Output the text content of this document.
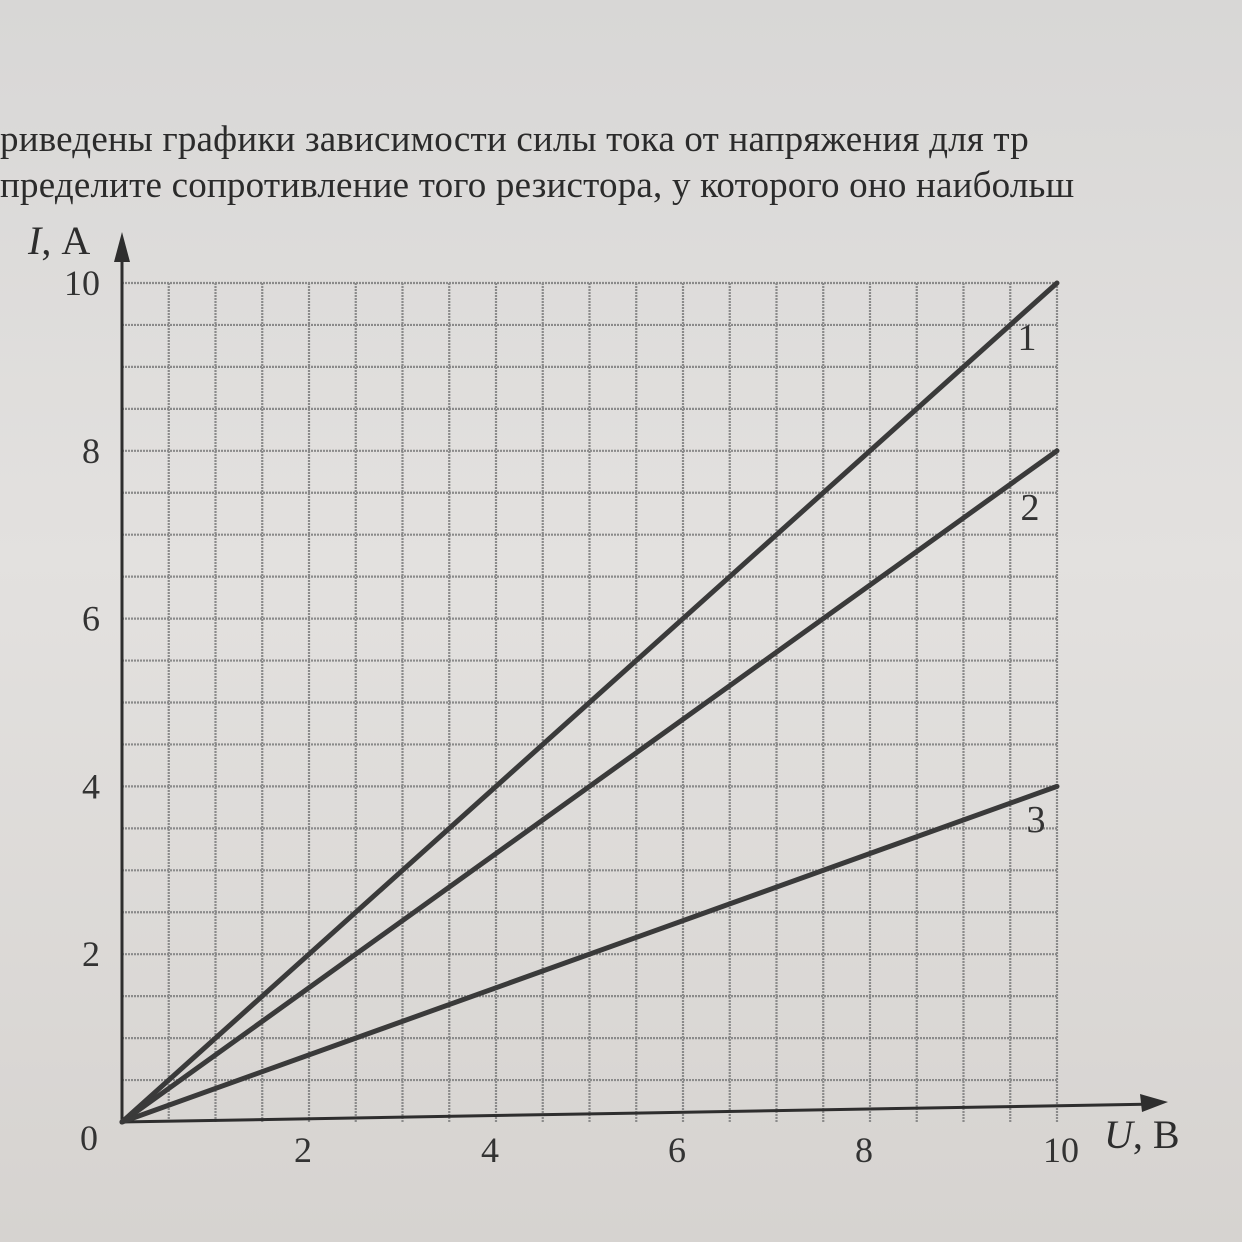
риведены графики зависимости силы тока от напряжения для тр
пределите сопротивление того резистора, у которого оно наибольш
1
2
3
2	4	6	8	10
2
4
6
8
10
0
I, А
U, В
